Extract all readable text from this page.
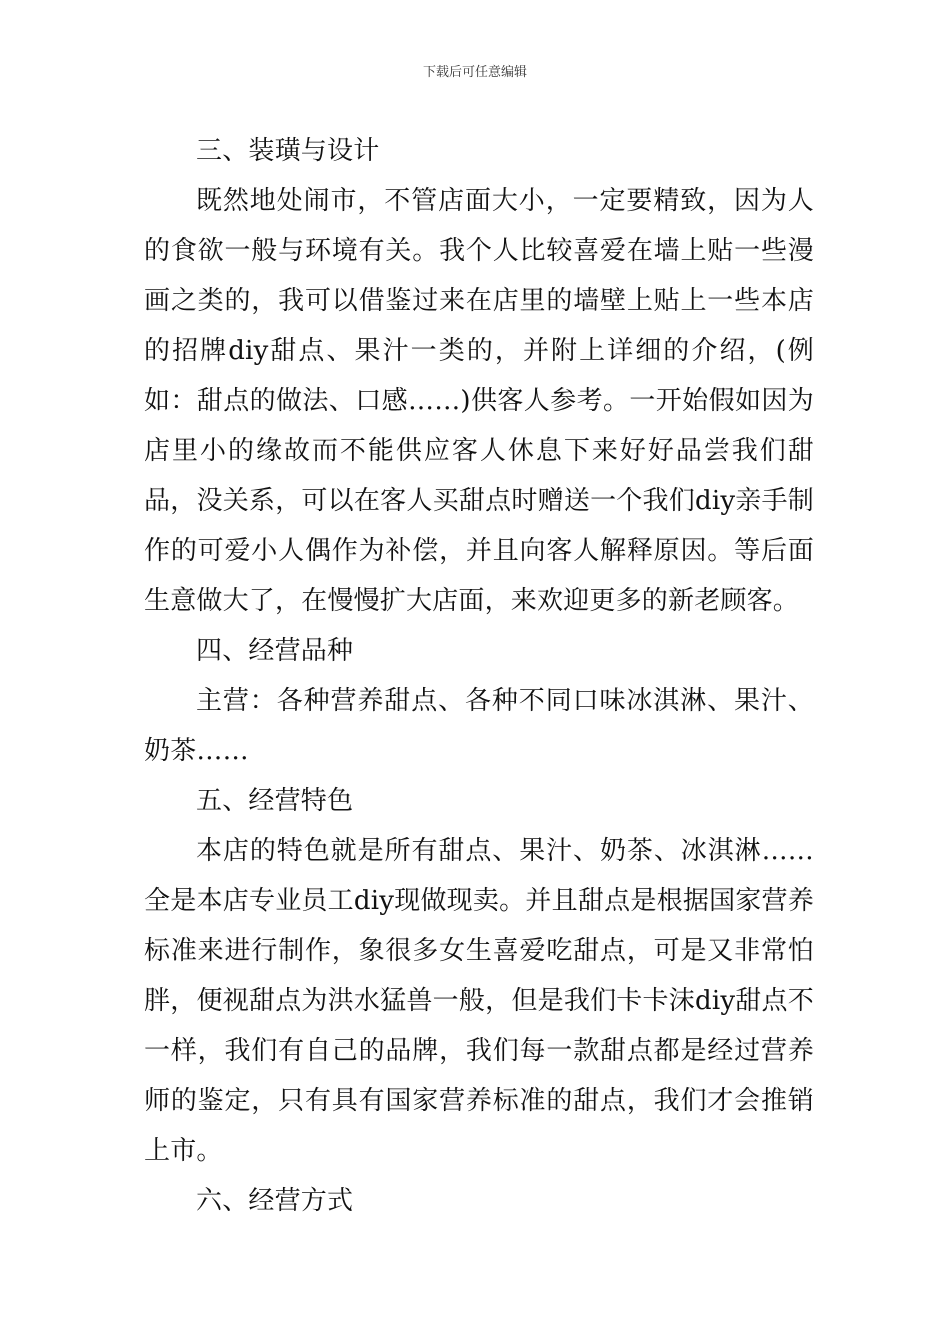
下载后可任意编辑

三、装璜与设计

既然地处闹市，不管店面大小，一定要精致，因为人的食欲一般与环境有关。我个人比较喜爱在墙上贴一些漫画之类的，我可以借鉴过来在店里的墙壁上贴上一些本店的招牌diy甜点、果汁一类的，并附上详细的介绍，(例如：甜点的做法、口感……)供客人参考。一开始假如因为店里小的缘故而不能供应客人休息下来好好品尝我们甜品，没关系，可以在客人买甜点时赠送一个我们diy亲手制作的可爱小人偶作为补偿，并且向客人解释原因。等后面生意做大了，在慢慢扩大店面，来欢迎更多的新老顾客。

四、经营品种

主营：各种营养甜点、各种不同口味冰淇淋、果汁、奶茶……

五、经营特色

本店的特色就是所有甜点、果汁、奶茶、冰淇淋……全是本店专业员工diy现做现卖。并且甜点是根据国家营养标准来进行制作，象很多女生喜爱吃甜点，可是又非常怕胖，便视甜点为洪水猛兽一般，但是我们卡卡沫diy甜点不一样，我们有自己的品牌，我们每一款甜点都是经过营养师的鉴定，只有具有国家营养标准的甜点，我们才会推销上市。

六、经营方式
